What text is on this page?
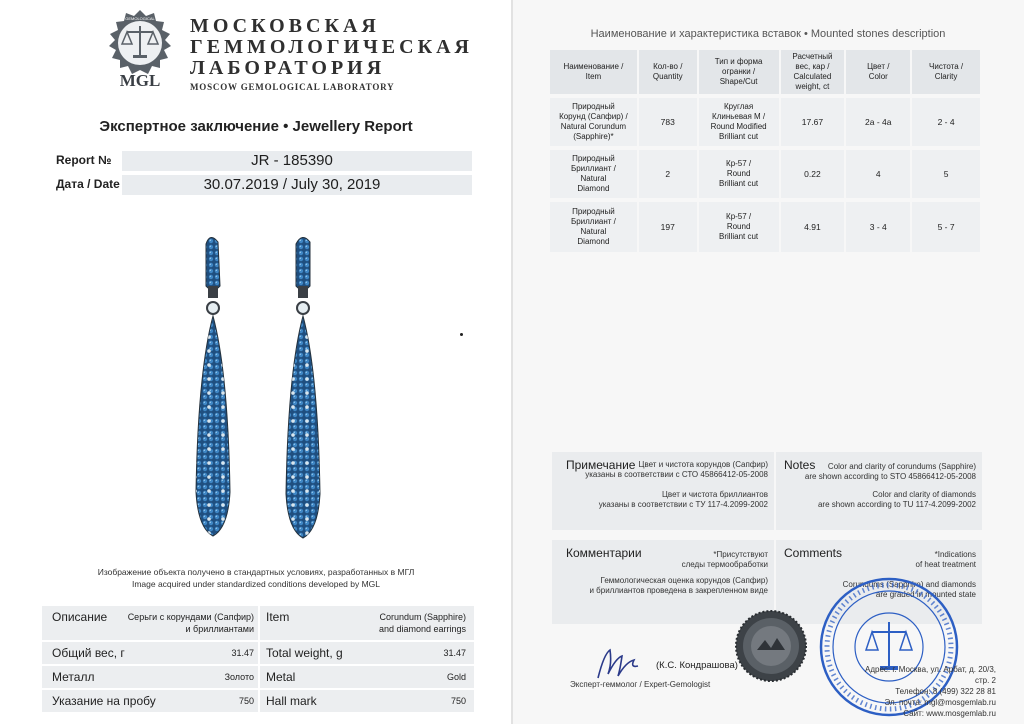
MGL
GEMOLOGICAL МОСКОВСКАЯ
ГЕММОЛОГИЧЕСКАЯ
ЛАБОРАТОРИЯ
MOSCOW GEMOLOGICAL LABORATORY
Экспертное заключение • Jewellery Report
Report №	JR - 185390
Дата / Date	30.07.2019 / July 30, 2019
Изображение объекта получено в стандартных условиях, разработанных в МГЛ
Image acquired under standardized conditions developed by MGL
Описание Серьги с корундами (Сапфир)
и бриллиантами
Item	Corundum (Sapphire)
and diamond earrings
Общий вес, г	31.47 Total weight, g	31.47
Металл	Золото Metal	Gold
Указание на пробу	750 Hall mark	750
Наименование и характеристика вставок • Mounted stones description
Наименование /
Item	Кол-во /
Quantity	Тип и форма
огранки /
Shape/Cut	Расчетный
вес, кар /
Calculated
weight, ct	Цвет /
Color	Чистота /
Clarity
Природный
Корунд (Сапфир) /
Natural Corundum
(Sapphire)*	783	Круглая
Клиньевая М /
Round Modified
Brilliant cut	17.67	2а - 4а	2 - 4
Природный
Бриллиант /
Natural
Diamond	2	Кр-57 /
Round
Brilliant cut	0.22	4	5
Природный
Бриллиант /
Natural
Diamond	197	Кр-57 /
Round
Brilliant cut	4.91	3 - 4	5 - 7
Примечание Цвет и чистота корундов (Сапфир)
указаны в соответствии с СТО 45866412-05-2008
Цвет и чистота бриллиантов
указаны в соответствии с ТУ 117-4.2099-2002
Notes	Color and clarity of corundums (Sapphire)
are shown according to STO 45866412-05-2008
Color and clarity of diamonds
are shown according to TU 117-4.2099-2002
Комментарии	*Присутствуют
следы термообработки
Геммологическая оценка корундов (Сапфир)
и бриллиантов проведена в закрепленном виде
Comments	*Indications
of heat treatment
Corundums (Sapphire) and diamonds
are graded in mounted state
(К.С. Кондрашова)
Эксперт-геммолог / Expert-Gemologist
Адрес: г. Москва, ул. Арбат, д. 20/3, стр. 2
Телефон: 8 (499) 322 28 81
Эл. почта: mgl@mosgemlab.ru
Сайт: www.mosgemlab.ru
